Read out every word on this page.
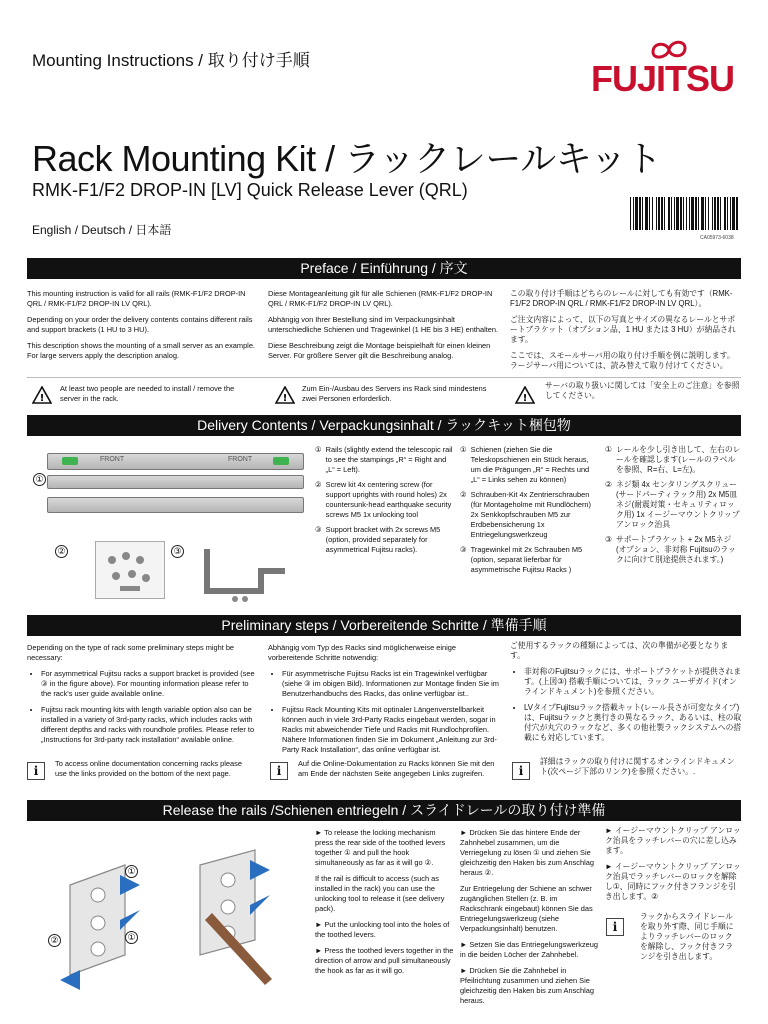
Mounting Instructions / 取り付け手順	FUJITSU
Rack Mounting Kit / ラックレールキット
RMK-F1/F2 DROP-IN [LV] Quick Release Lever (QRL)
English / Deutsch / 日本語
CA05973-6038
Preface / Einführung / 序文

This mounting instruction is valid for all rails (RMK-F1/F2 DROP-IN QRL / RMK-F1/F2 DROP-IN LV QRL).

Depending on your order the delivery contents contains different rails and support brackets (1 HU to 3 HU).

This description shows the mounting of a small server as an example. For large servers apply the description analog.

Diese Montageanleitung gilt für alle Schienen (RMK-F1/F2 DROP-IN QRL / RMK-F1/F2 DROP-IN LV QRL).

Abhängig von Ihrer Bestellung sind im Verpackungsinhalt unterschiedliche Schienen und Tragewinkel (1 HE bis 3 HE) enthalten.

Diese Beschreibung zeigt die Montage beispielhaft für einen kleinen Server. Für größere Server gilt die Beschreibung analog.

この取り付け手順はどちらのレールに対しても有効です（RMK-F1/F2 DROP-IN QRL / RMK-F1/F2 DROP-IN LV QRL）。

ご注文内容によって、以下の写真とサイズの異なるレールとサポートブラケット（オプション品、1 HU または 3 HU）が納品されます。

ここでは、スモールサーバ用の取り付け手順を例に説明します。ラージサーバ用については、読み替えて取り付けてください。

!
At least two people are needed to install / remove the server in the rack.	!
Zum Ein-/Ausbau des Servers ins Rack sind mindestens zwei Personen erforderlich.	!
サーバの取り扱いに関しては「安全上のご注意」を参照してください。
Delivery Contents / Verpackungsinhalt / ラックキット梱包物
FRONT	FRONT
①
②	③
① Rails (slightly extend the telescopic rail to see the stampings „R“ = Right and „L“ = Left).
② Screw kit 4x centering screw (for support uprights with round holes) 2x countersunk-head earthquake security screws M5 1x unlocking tool
③ Support bracket with 2x screws M5 (option, provided separately for asymmetrical Fujitsu racks).
① Schienen (ziehen Sie die Teleskopschienen ein Stück heraus, um die Prägungen „R“ = Rechts und „L“ = Links sehen zu können)
② Schrauben-Kit 4x Zentrierschrauben (für Montageholme mit Rundlöchern) 2x Senkkopfschrauben M5 zur Erdbebensicherung 1x Entriegelungswerkzeug
③ Tragewinkel mit 2x Schrauben M5 (option, separat lieferbar für asymmetrische Fujitsu Racks )
① レールを少し引き出して、左右のレールを確認します(レールのラベルを参照、R=右、L=左)。
② ネジ類 4x センタリングスクリュー(サードパーティラック用) 2x M5皿ネジ(耐震対策・セキュリティロック用) 1x イージーマウントクリップアンロック治具
③ サポートブラケット + 2x M5ネジ (オプション、非対称 Fujitsuのラックに向けて別途提供されます。)
Preliminary steps / Vorbereitende Schritte / 準備手順

Depending on the type of rack some preliminary steps might be necessary:

• For asymmetrical Fujitsu racks a support bracket is provided (see ③ in the figure above). For mounting information please refer to the rack's user guide available online.
• Fujitsu rack mounting kits with length variable option also can be installed in a variety of 3rd-party racks, which includes racks with different depths and racks with roundhole profiles. Please refer to „Instructions for 3rd-party rack installation“ available online.

Abhängig vom Typ des Racks sind möglicherweise einige vorbereitende Schritte notwendig:

• Für asymmetrische Fujitsu Racks ist ein Tragewinkel verfügbar (siehe ③ im obigen Bild). Informationen zur Montage finden Sie im Benutzerhandbuchs des Racks, das online verfügbar ist..
• Fujitsu Rack Mounting Kits mit optinaler Längenverstellbarkeit können auch in viele 3rd-Party Racks eingebaut werden, sogar in Racks mit abweichender Tiefe und Racks mit Rundlochprofilen. Nähere Informationen finden Sie im Dokument „Anleitung zur 3rd-Party Rack Installation“, das online verfügbar ist.

ご使用するラックの種類によっては、次の準備が必要となります。

• 非対称のFujitsuラックには、サポートブラケットが提供されます。(上図③) 搭載手順については、ラック ユーザガイド(オンラインドキュメント)を参照ください。
• LVタイプFujitsuラック搭載キット(レール長さが可変なタイプ)は、Fujitsuラックと奥行きの異なるラック、あるいは、柱の取付穴が丸穴のラックなど、多くの他社製ラックシステムへの搭載にも対応しています。
i
To access online documentation concerning racks please use the links provided on the bottom of the next page.	i
Auf die Online-Dokumentation zu Racks können Sie mit den am Ende der nächsten Seite angegeben Links zugreifen.	i
詳細はラックの取り付けに関するオンラインドキュメント(次ページ下部のリンク)を参照ください。.
Release the rails /Schienen entriegeln / スライドレールの取り付け準備
①
①
②

► To release the locking mechanism press the rear side of the toothed levers together ① and pull the hook simultaneously as far as it will go ②.

If the rail is difficult to access (such as installed in the rack) you can use the unlocking tool to release it (see delivery pack).

► Put the unlocking tool into the holes of the toothed levers.

► Press the toothed levers together in the direction of arrow and pull simultaneously the hook as far as it will go.

► Drücken Sie das hintere Ende der Zahnhebel zusammen, um die Verriegelung zu lösen ① und ziehen Sie gleichzeitig den Haken bis zum Anschlag heraus ②.

Zur Entriegelung der Schiene an schwer zugänglichen Stellen (z. B. im Rackschrank eingebaut) können Sie das Entriegelungswerkzeug (siehe Verpackungsinhalt) benutzen.

► Setzen Sie das Entriegelungswerkzeug in die beiden Löcher der Zahnhebel.

► Drücken Sie die Zahnhebel in Pfeilrichtung zusammen und ziehen Sie gleichzeitig den Haken bis zum Anschlag heraus.

► イージーマウントクリップ アンロック治具をラッチレバーの穴に差し込みます。

► イージーマウントクリップ アンロック治具でラッチレバーのロックを解除し①、同時にフック付きフランジを引き出します。②

i
ラックからスライドレールを取り外す際、同じ手順によりラッチレバーのロックを解除し、フック付きフランジを引き出します。
